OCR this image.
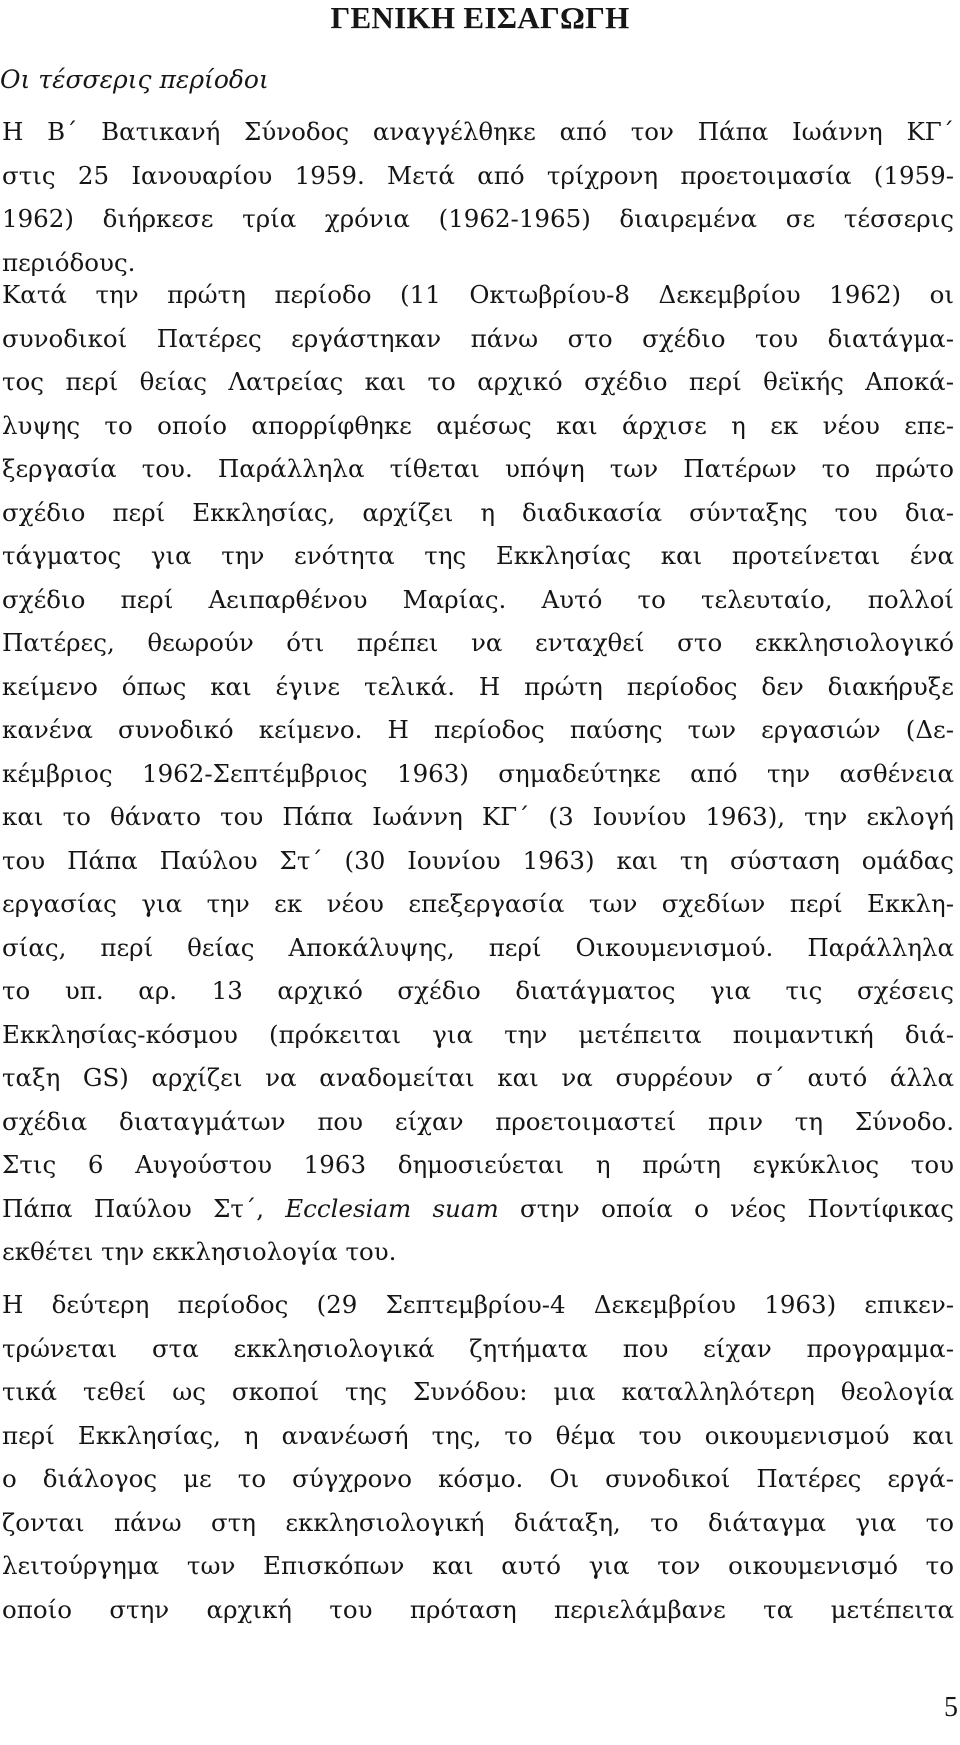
ΓΕΝΙΚΗ ΕΙΣΑΓΩΓΗ
Οι τέσσερις περίοδοι
Η Β΄ Βατικανή Σύνοδος αναγγέλθηκε από τον Πάπα Ιωάννη ΚΓ΄
στις 25 Ιανουαρίου 1959. Μετά από τρίχρονη προετοιμασία (1959-
1962) διήρκεσε τρία χρόνια (1962-1965) διαιρεμένα σε τέσσερις
περιόδους.
Κατά την πρώτη περίοδο (11 Οκτωβρίου-8 Δεκεμβρίου 1962) οι
συνοδικοί Πατέρες εργάστηκαν πάνω στο σχέδιο του διατάγμα-
τος περί θείας Λατρείας και το αρχικό σχέδιο περί θεϊκής Αποκά-
λυψης το οποίο απορρίφθηκε αμέσως και άρχισε η εκ νέου επε-
ξεργασία του. Παράλληλα τίθεται υπόψη των Πατέρων το πρώτο
σχέδιο περί Εκκλησίας, αρχίζει η διαδικασία σύνταξης του δια-
τάγματος για την ενότητα της Εκκλησίας και προτείνεται ένα
σχέδιο περί Αειπαρθένου Μαρίας. Αυτό το τελευταίο, πολλοί
Πατέρες, θεωρούν ότι πρέπει να ενταχθεί στο εκκλησιολογικό
κείμενο όπως και έγινε τελικά. Η πρώτη περίοδος δεν διακήρυξε
κανένα συνοδικό κείμενο. Η περίοδος παύσης των εργασιών (Δε-
κέμβριος 1962-Σεπτέμβριος 1963) σημαδεύτηκε από την ασθένεια
και το θάνατο του Πάπα Ιωάννη ΚΓ΄ (3 Ιουνίου 1963), την εκλογή
του Πάπα Παύλου Στ΄ (30 Ιουνίου 1963) και τη σύσταση ομάδας
εργασίας για την εκ νέου επεξεργασία των σχεδίων περί Εκκλη-
σίας, περί θείας Αποκάλυψης, περί Οικουμενισμού. Παράλληλα
το υπ. αρ. 13 αρχικό σχέδιο διατάγματος για τις σχέσεις
Εκκλησίας-κόσμου (πρόκειται για την μετέπειτα ποιμαντική διά-
ταξη GS) αρχίζει να αναδομείται και να συρρέουν σ΄ αυτό άλλα
σχέδια διαταγμάτων που είχαν προετοιμαστεί πριν τη Σύνοδο.
Στις 6 Αυγούστου 1963 δημοσιεύεται η πρώτη εγκύκλιος του
Πάπα Παύλου Στ΄, Ecclesiam suam στην οποία ο νέος Ποντίφικας
εκθέτει την εκκλησιολογία του.
Η δεύτερη περίοδος (29 Σεπτεμβρίου-4 Δεκεμβρίου 1963) επικεν-
τρώνεται στα εκκλησιολογικά ζητήματα που είχαν προγραμμα-
τικά τεθεί ως σκοποί της Συνόδου: μια καταλληλότερη θεολογία
περί Εκκλησίας, η ανανέωσή της, το θέμα του οικουμενισμού και
ο διάλογος με το σύγχρονο κόσμο. Οι συνοδικοί Πατέρες εργά-
ζονται πάνω στη εκκλησιολογική διάταξη, το διάταγμα για το
λειτούργημα των Επισκόπων και αυτό για τον οικουμενισμό το
οποίο στην αρχική του πρόταση περιελάμβανε τα μετέπειτα
5
